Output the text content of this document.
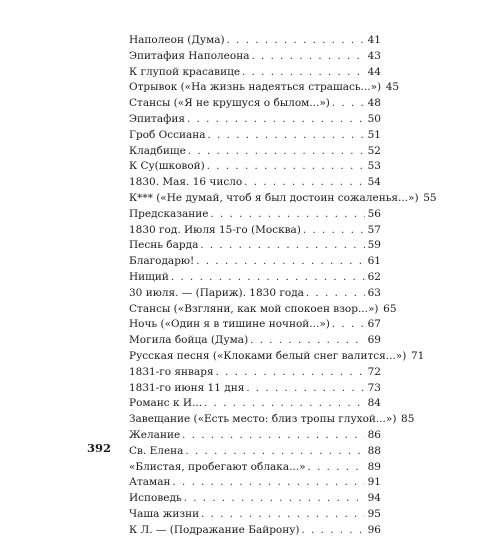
Наполеон (Дума) . . .	41
Эпитафия Наполеона . . .	43
К глупой красавице . . .	44
Отрывок («На жизнь надеяться страшась...») 45
Стансы («Я не крушуся о былом...») . . .	48
Эпитафия . . .	50
Гроб Оссиана . . .	51
Кладбище . . .	52
К Су(шковой) . . .	53
1830. Мая. 16 число . . .	54
К*** («Не думай, чтоб я был достоин сожаленья...») 55
Предсказание . . .	56
1830 год. Июля 15-го (Москва) . . .	57
Песнь барда . . .	59
Благодарю! . . .	61
Нищий . . .	62
30 июля. — (Париж). 1830 года . . .	63
Стансы («Взгляни, как мой спокоен взор...») 65
Ночь («Один я в тишине ночной...») . . .	67
Могила бойца (Дума) . . .	69
Русская песня («Клоками белый снег валится...») 71
1831-го января . . .	72
1831-го июня 11 дня . . .	73
Романс к И... . . .	84
Завещание («Есть место: близ тропы глухой...») 85
Желание . . .	86
Св. Елена . . .	88
«Блистая, пробегают облака...» . . .	89
Атаман . . .	91
Исповедь . . .	94
Чаша жизни . . .	95
К Л. — (Подражание Байрону) . . .	96
392
